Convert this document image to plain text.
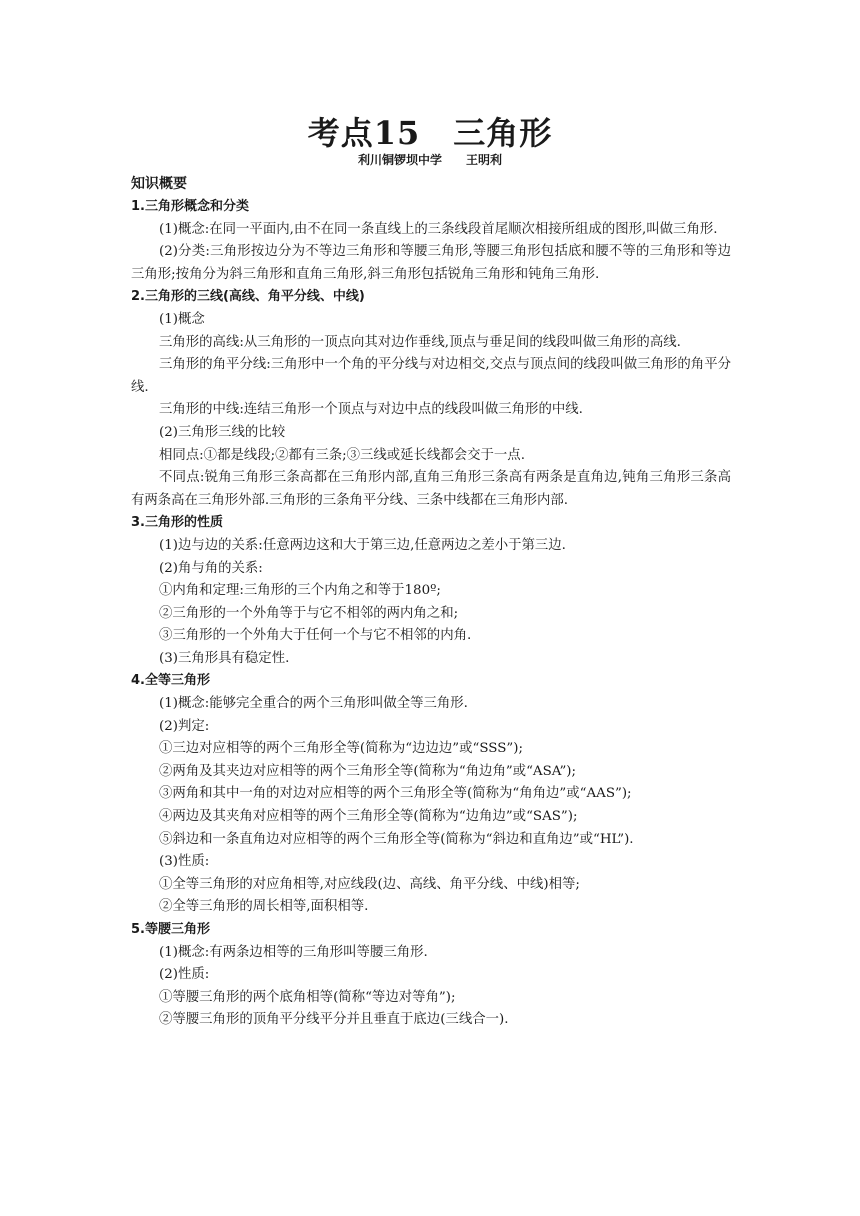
考点15　三角形
利川铜锣坝中学　　王明利

知识概要

1.三角形概念和分类

(1)概念:在同一平面内,由不在同一条直线上的三条线段首尾顺次相接所组成的图形,叫做三角形.

(2)分类:三角形按边分为不等边三角形和等腰三角形,等腰三角形包括底和腰不等的三角形和等边三角形;按角分为斜三角形和直角三角形,斜三角形包括锐角三角形和钝角三角形.

2.三角形的三线(高线、角平分线、中线)

(1)概念

三角形的高线:从三角形的一顶点向其对边作垂线,顶点与垂足间的线段叫做三角形的高线.

三角形的角平分线:三角形中一个角的平分线与对边相交,交点与顶点间的线段叫做三角形的角平分线.

三角形的中线:连结三角形一个顶点与对边中点的线段叫做三角形的中线.

(2)三角形三线的比较

相同点:①都是线段;②都有三条;③三线或延长线都会交于一点.

不同点:锐角三角形三条高都在三角形内部,直角三角形三条高有两条是直角边,钝角三角形三条高有两条高在三角形外部.三角形的三条角平分线、三条中线都在三角形内部.

3.三角形的性质

(1)边与边的关系:任意两边这和大于第三边,任意两边之差小于第三边.

(2)角与角的关系:

①内角和定理:三角形的三个内角之和等于180º;

②三角形的一个外角等于与它不相邻的两内角之和;

③三角形的一个外角大于任何一个与它不相邻的内角.

(3)三角形具有稳定性.

4.全等三角形

(1)概念:能够完全重合的两个三角形叫做全等三角形.

(2)判定:

①三边对应相等的两个三角形全等(简称为“边边边”或“SSS”);

②两角及其夹边对应相等的两个三角形全等(简称为“角边角”或“ASA”);

③两角和其中一角的对边对应相等的两个三角形全等(简称为“角角边”或“AAS”);

④两边及其夹角对应相等的两个三角形全等(简称为“边角边”或“SAS”);

⑤斜边和一条直角边对应相等的两个三角形全等(简称为“斜边和直角边”或“HL”).

(3)性质:

①全等三角形的对应角相等,对应线段(边、高线、角平分线、中线)相等;

②全等三角形的周长相等,面积相等.

5.等腰三角形

(1)概念:有两条边相等的三角形叫等腰三角形.

(2)性质:

①等腰三角形的两个底角相等(简称“等边对等角”);

②等腰三角形的顶角平分线平分并且垂直于底边(三线合一).
